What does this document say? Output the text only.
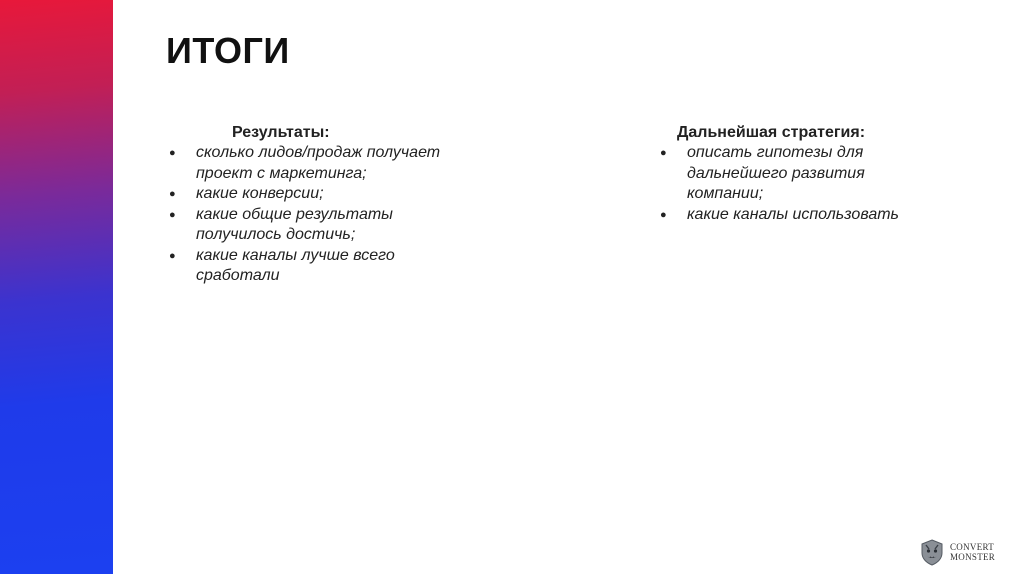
ИТОГИ

Результаты:

● сколько лидов/продаж получает проект с маркетинга;
● какие конверсии;
● какие общие результаты получилось достичь;
● какие каналы лучше всего сработали

Дальнейшая стратегия:

● описать гипотезы для дальнейшего развития компании;
● какие каналы использовать
CONVERT
MONSTER
